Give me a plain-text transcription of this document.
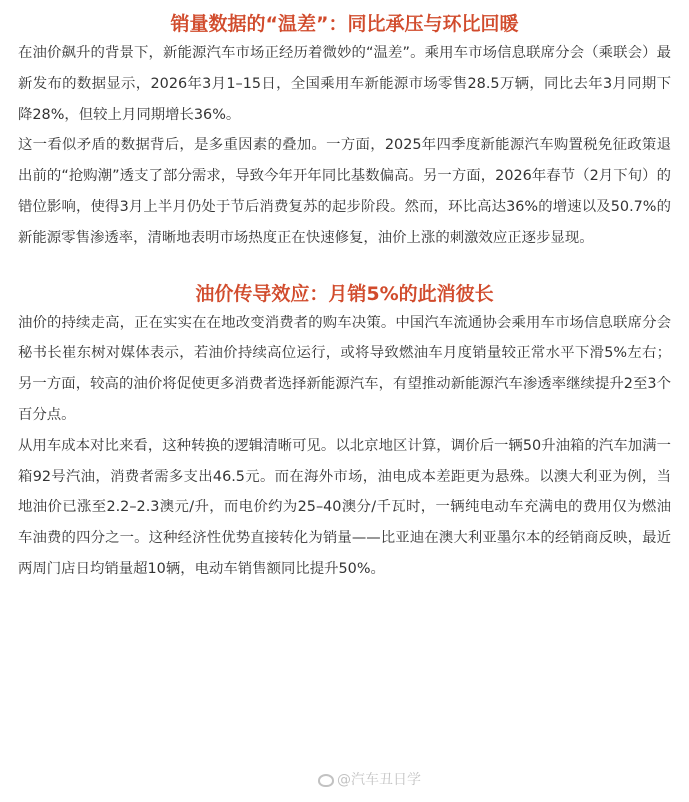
销量数据的“温差”：同比承压与环比回暖

在油价飙升的背景下，新能源汽车市场正经历着微妙的“温差”。乘用车市场信息联席分会（乘联会）最新发布的数据显示，2026年3月1–15日，全国乘用车新能源市场零售28.5万辆，同比去年3月同期下降28%，但较上月同期增长36%。

这一看似矛盾的数据背后，是多重因素的叠加。一方面，2025年四季度新能源汽车购置税免征政策退出前的“抢购潮”透支了部分需求，导致今年开年同比基数偏高。另一方面，2026年春节（2月下旬）的错位影响，使得3月上半月仍处于节后消费复苏的起步阶段。然而，环比高达36%的增速以及50.7%的新能源零售渗透率，清晰地表明市场热度正在快速修复，油价上涨的刺激效应正逐步显现。

油价传导效应：月销5%的此消彼长

油价的持续走高，正在实实在在地改变消费者的购车决策。中国汽车流通协会乘用车市场信息联席分会秘书长崔东树对媒体表示，若油价持续高位运行，或将导致燃油车月度销量较正常水平下滑5%左右；另一方面，较高的油价将促使更多消费者选择新能源汽车，有望推动新能源汽车渗透率继续提升2至3个百分点。

从用车成本对比来看，这种转换的逻辑清晰可见。以北京地区计算，调价后一辆50升油箱的汽车加满一箱92号汽油，消费者需多支出46.5元。而在海外市场，油电成本差距更为悬殊。以澳大利亚为例，当地油价已涨至2.2–2.3澳元/升，而电价约为25–40澳分/千瓦时，一辆纯电动车充满电的费用仅为燃油车油费的四分之一。这种经济性优势直接转化为销量——比亚迪在澳大利亚墨尔本的经销商反映，最近两周门店日均销量超10辆，电动车销售额同比提升50%。

@汽车丑日学
